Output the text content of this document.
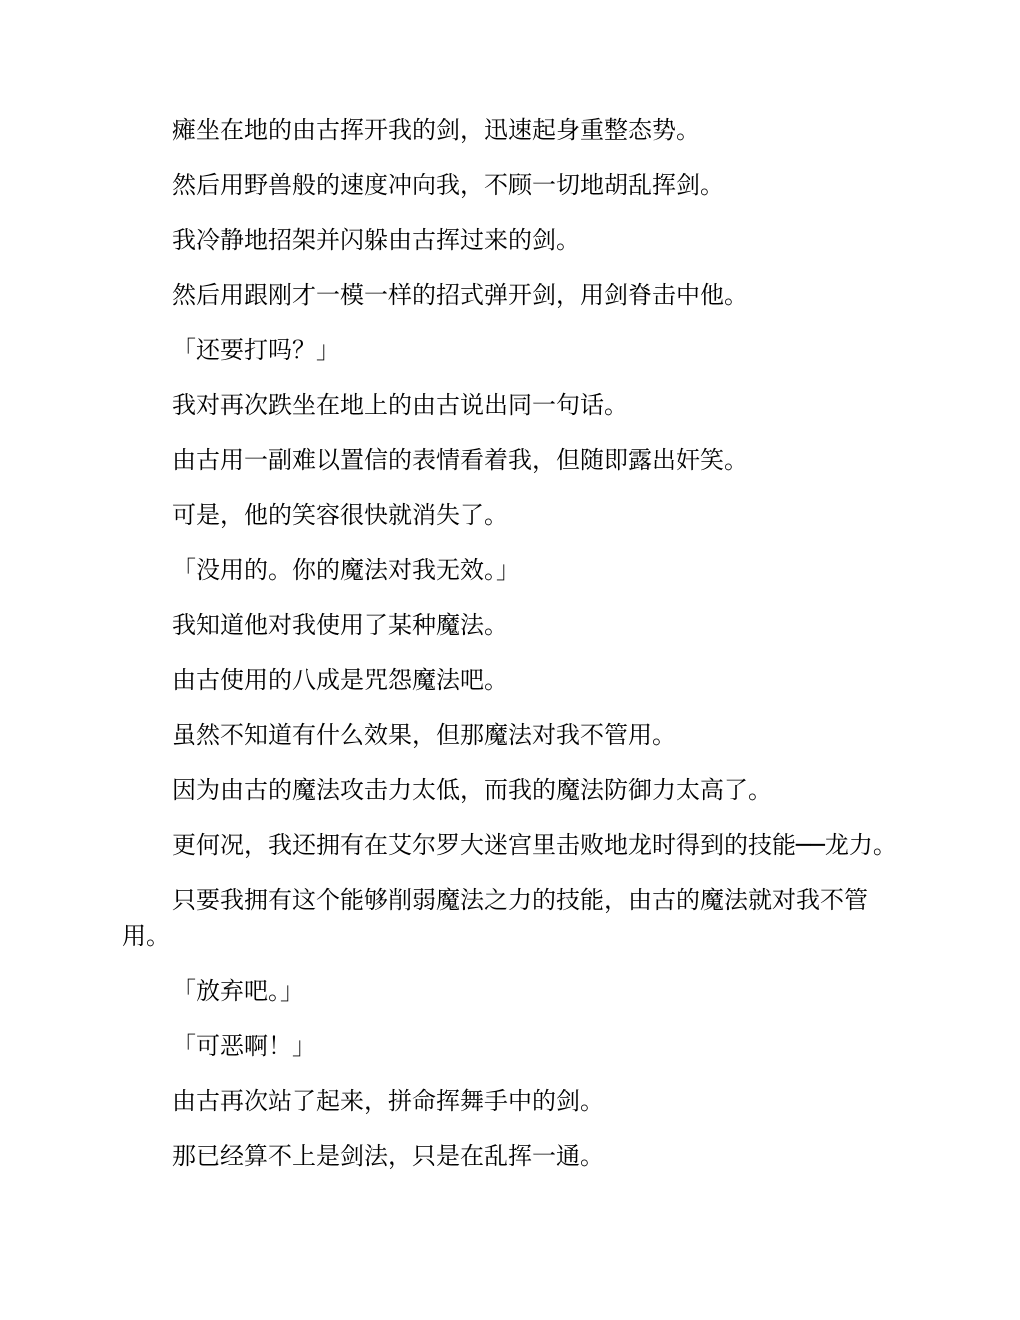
瘫坐在地的由古挥开我的剑，迅速起身重整态势。

然后用野兽般的速度冲向我，不顾一切地胡乱挥剑。

我冷静地招架并闪躲由古挥过来的剑。

然后用跟刚才一模一样的招式弹开剑，用剑脊击中他。

「还要打吗？」

我对再次跌坐在地上的由古说出同一句话。

由古用一副难以置信的表情看着我，但随即露出奸笑。

可是，他的笑容很快就消失了。

「没用的。你的魔法对我无效。」

我知道他对我使用了某种魔法。

由古使用的八成是咒怨魔法吧。

虽然不知道有什么效果，但那魔法对我不管用。

因为由古的魔法攻击力太低，而我的魔法防御力太高了。

更何况，我还拥有在艾尔罗大迷宫里击败地龙时得到的技能──龙力。

只要我拥有这个能够削弱魔法之力的技能，由古的魔法就对我不管用。

「放弃吧。」

「可恶啊！」

由古再次站了起来，拼命挥舞手中的剑。

那已经算不上是剑法，只是在乱挥一通。
